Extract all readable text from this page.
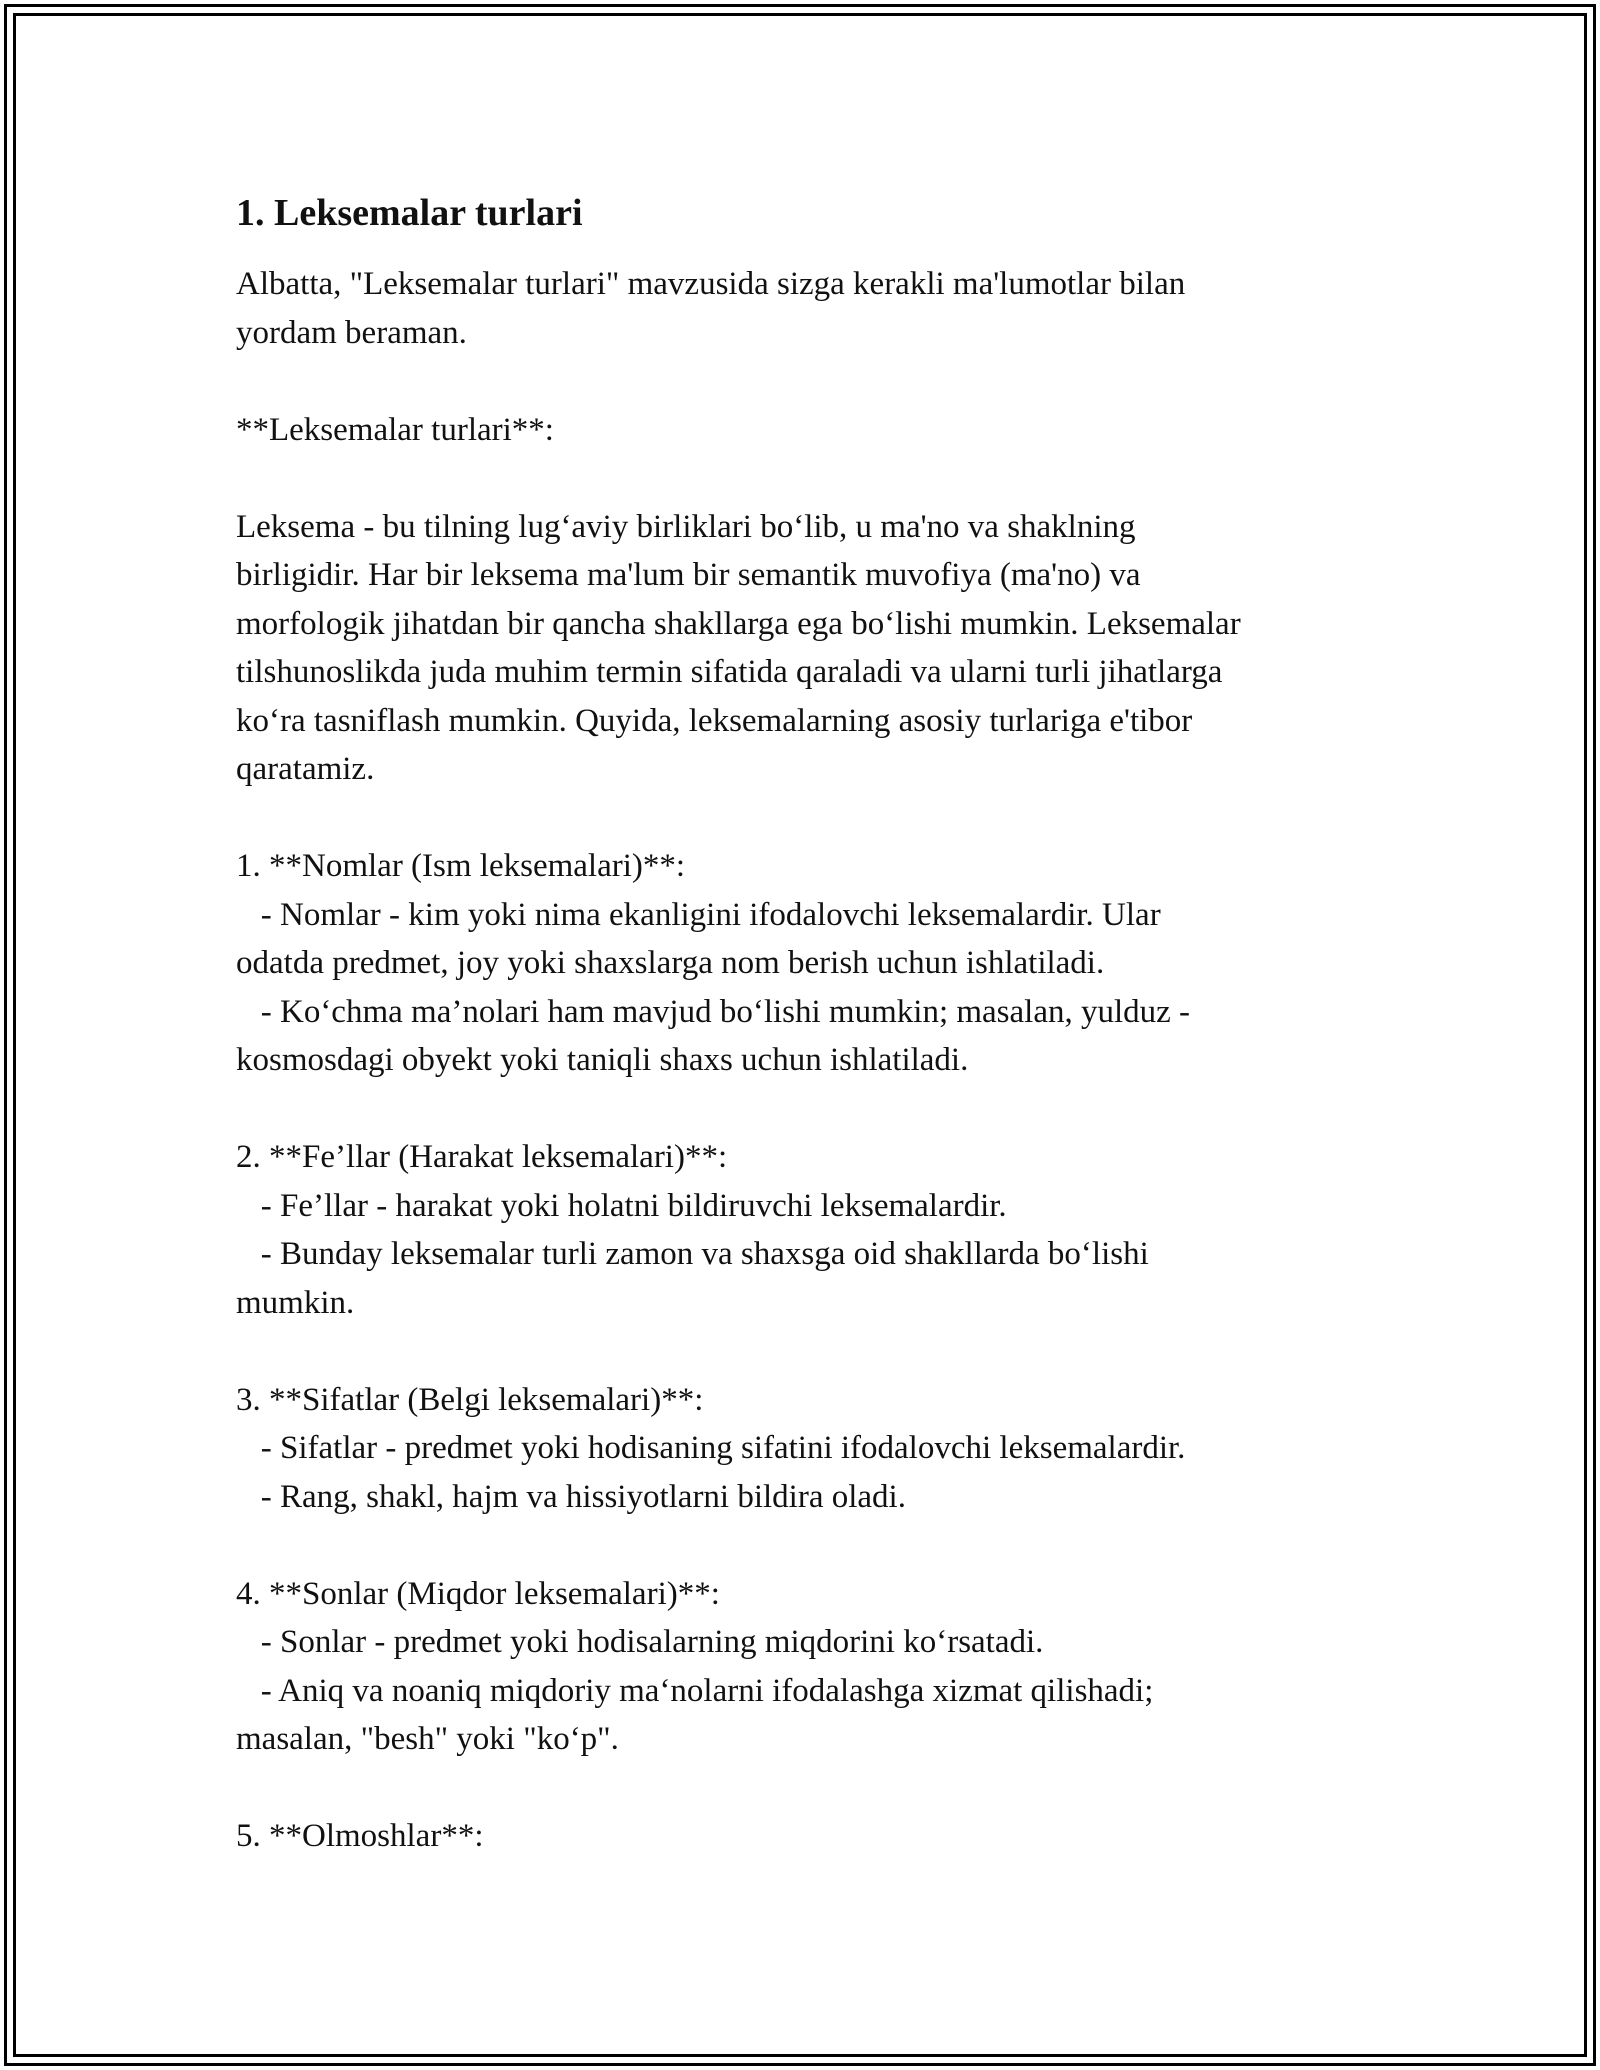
1. Leksemalar turlari

Albatta, "Leksemalar turlari" mavzusida sizga kerakli ma'lumotlar bilan
yordam beraman.

**Leksemalar turlari**:

Leksema - bu tilning lug‘aviy birliklari bo‘lib, u ma'no va shaklning
birligidir. Har bir leksema ma'lum bir semantik muvofiya (ma'no) va
morfologik jihatdan bir qancha shakllarga ega bo‘lishi mumkin. Leksemalar
tilshunoslikda juda muhim termin sifatida qaraladi va ularni turli jihatlarga
ko‘ra tasniflash mumkin. Quyida, leksemalarning asosiy turlariga e'tibor
qaratamiz.

1. **Nomlar (Ism leksemalari)**:

- Nomlar - kim yoki nima ekanligini ifodalovchi leksemalardir. Ular
odatda predmet, joy yoki shaxslarga nom berish uchun ishlatiladi.
- Ko‘chma ma’nolari ham mavjud bo‘lishi mumkin; masalan, yulduz -
kosmosdagi obyekt yoki taniqli shaxs uchun ishlatiladi.

2. **Fe’llar (Harakat leksemalari)**:

- Fe’llar - harakat yoki holatni bildiruvchi leksemalardir.
- Bunday leksemalar turli zamon va shaxsga oid shakllarda bo‘lishi
mumkin.

3. **Sifatlar (Belgi leksemalari)**:

- Sifatlar - predmet yoki hodisaning sifatini ifodalovchi leksemalardir.
- Rang, shakl, hajm va hissiyotlarni bildira oladi.

4. **Sonlar (Miqdor leksemalari)**:

- Sonlar - predmet yoki hodisalarning miqdorini ko‘rsatadi.
- Aniq va noaniq miqdoriy ma‘nolarni ifodalashga xizmat qilishadi;
masalan, "besh" yoki "ko‘p".

5. **Olmoshlar**:
